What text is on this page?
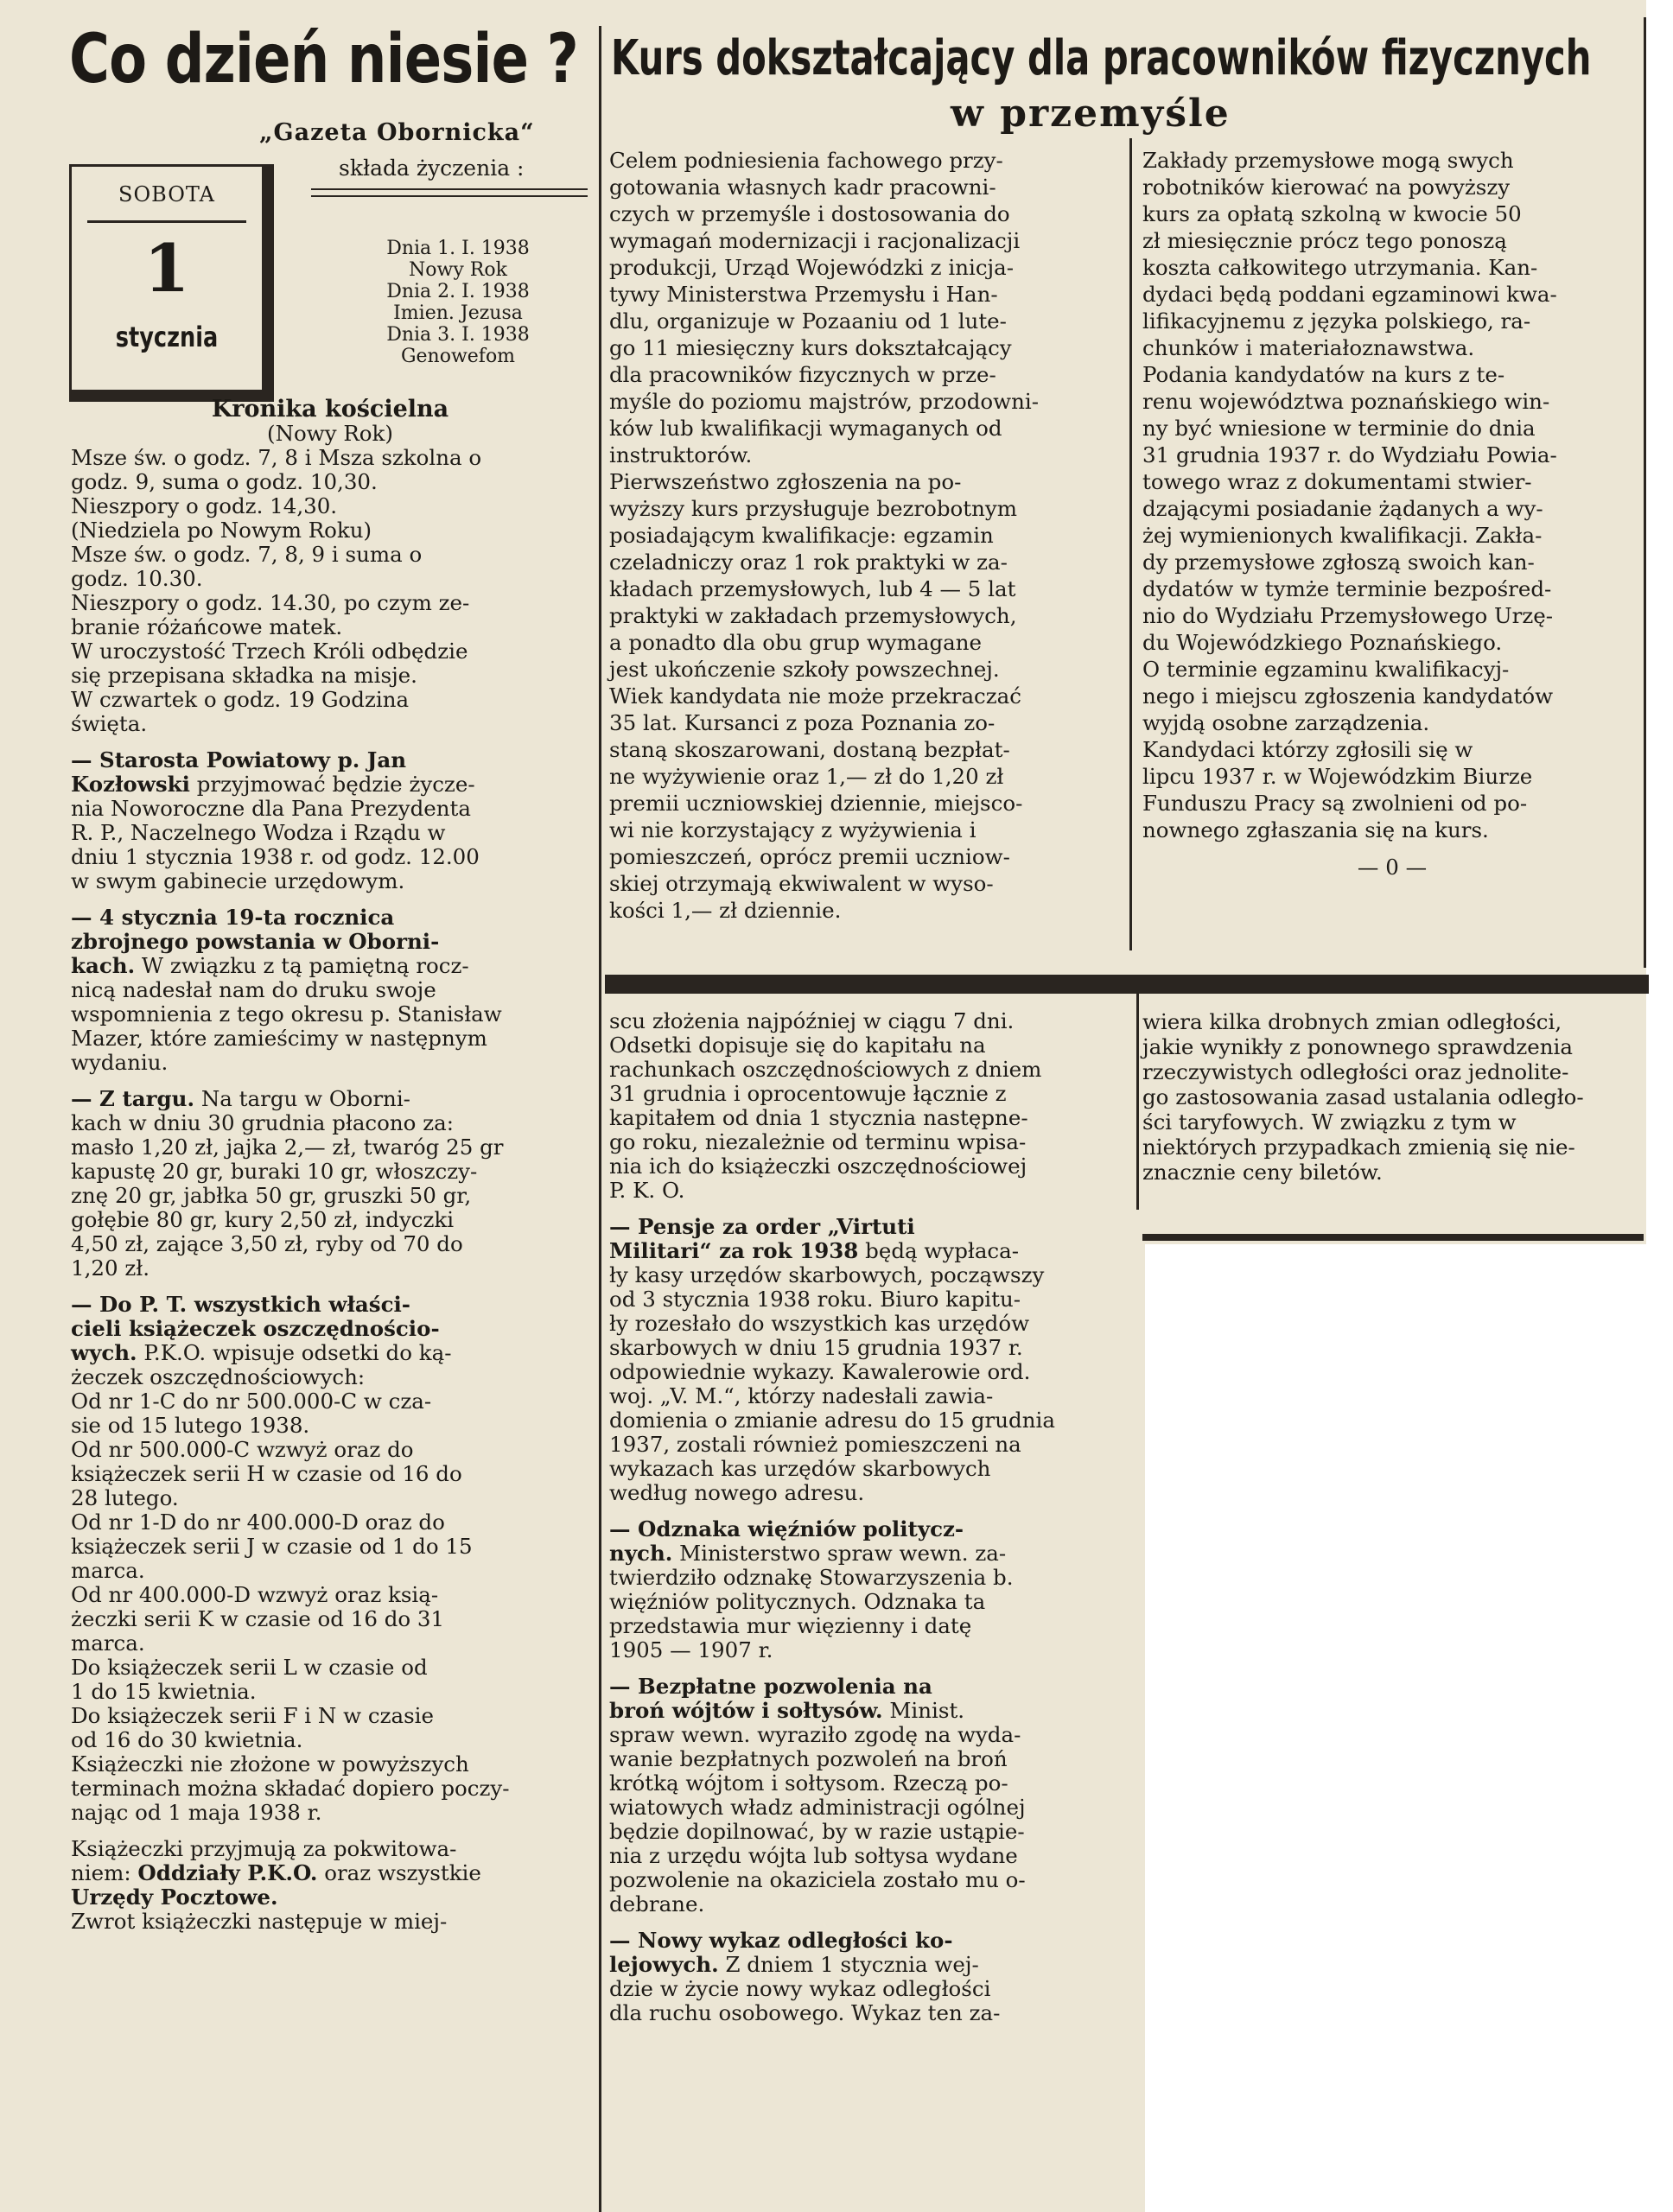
Co dzień niesie ?
„Gazeta Obornicka“
składa życzenia :
SOBOTA
1
stycznia

Dnia 1. I. 1938

Nowy Rok

Dnia 2. I. 1938

Imien. Jezusa

Dnia 3. I. 1938

Genowefom

Kurs dokształcający dla pracowników fizycznych
w przemyśle

Kronika kościelna

(Nowy Rok)

Msze św. o godz. 7, 8 i Msza szkolna o

godz. 9, suma o godz. 10,30.

Nieszpory o godz. 14,30.

(Niedziela po Nowym Roku)

Msze św. o godz. 7, 8, 9 i suma o

godz. 10.30.

Nieszpory o godz. 14.30, po czym ze-

branie różańcowe matek.

W uroczystość Trzech Króli odbędzie

się przepisana składka na misje.

W czwartek o godz. 19 Godzina

święta.

— Starosta Powiatowy p. Jan

Kozłowski przyjmować będzie życze-

nia Noworoczne dla Pana Prezydenta

R. P., Naczelnego Wodza i Rządu w

dniu 1 stycznia 1938 r. od godz. 12.00

w swym gabinecie urzędowym.

— 4 stycznia 19-ta rocznica

zbrojnego powstania w Oborni-

kach. W związku z tą pamiętną rocz-

nicą nadesłał nam do druku swoje

wspomnienia z tego okresu p. Stanisław

Mazer, które zamieścimy w następnym

wydaniu.

— Z targu. Na targu w Oborni-

kach w dniu 30 grudnia płacono za:

masło 1,20 zł, jajka 2,— zł, twaróg 25 gr

kapustę 20 gr, buraki 10 gr, włoszczy-

znę 20 gr, jabłka 50 gr, gruszki 50 gr,

gołębie 80 gr, kury 2,50 zł, indyczki

4,50 zł, zające 3,50 zł, ryby od 70 do

1,20 zł.

— Do P. T. wszystkich właści-

cieli książeczek oszczędnościo-

wych. P.K.O. wpisuje odsetki do ką-

żeczek oszczędnościowych:

Od nr 1-C do nr 500.000-C w cza-

sie od 15 lutego 1938.

Od nr 500.000-C wzwyż oraz do

książeczek serii H w czasie od 16 do

28 lutego.

Od nr 1-D do nr 400.000-D oraz do

książeczek serii J w czasie od 1 do 15

marca.

Od nr 400.000-D wzwyż oraz ksią-

żeczki serii K w czasie od 16 do 31

marca.

Do książeczek serii L w czasie od

1 do 15 kwietnia.

Do książeczek serii F i N w czasie

od 16 do 30 kwietnia.

Książeczki nie złożone w powyższych

terminach można składać dopiero poczy-

nając od 1 maja 1938 r.

Książeczki przyjmują za pokwitowa-

niem: Oddziały P.K.O. oraz wszystkie

Urzędy Pocztowe.

Zwrot książeczki następuje w miej-

Celem podniesienia fachowego przy-

gotowania własnych kadr pracowni-

czych w przemyśle i dostosowania do

wymagań modernizacji i racjonalizacji

produkcji, Urząd Wojewódzki z inicja-

tywy Ministerstwa Przemysłu i Han-

dlu, organizuje w Pozaaniu od 1 lute-

go 11 miesięczny kurs dokształcający

dla pracowników fizycznych w prze-

myśle do poziomu majstrów, przodowni-

ków lub kwalifikacji wymaganych od

instruktorów.

Pierwszeństwo zgłoszenia na po-

wyższy kurs przysługuje bezrobotnym

posiadającym kwalifikacje: egzamin

czeladniczy oraz 1 rok praktyki w za-

kładach przemysłowych, lub 4 — 5 lat

praktyki w zakładach przemysłowych,

a ponadto dla obu grup wymagane

jest ukończenie szkoły powszechnej.

Wiek kandydata nie może przekraczać

35 lat. Kursanci z poza Poznania zo-

staną skoszarowani, dostaną bezpłat-

ne wyżywienie oraz 1,— zł do 1,20 zł

premii uczniowskiej dziennie, miejsco-

wi nie korzystający z wyżywienia i

pomieszczeń, oprócz premii uczniow-

skiej otrzymają ekwiwalent w wyso-

kości 1,— zł dziennie.

Zakłady przemysłowe mogą swych

robotników kierować na powyższy

kurs za opłatą szkolną w kwocie 50

zł miesięcznie prócz tego ponoszą

koszta całkowitego utrzymania. Kan-

dydaci będą poddani egzaminowi kwa-

lifikacyjnemu z języka polskiego, ra-

chunków i materiałoznawstwa.

Podania kandydatów na kurs z te-

renu województwa poznańskiego win-

ny być wniesione w terminie do dnia

31 grudnia 1937 r. do Wydziału Powia-

towego wraz z dokumentami stwier-

dzającymi posiadanie żądanych a wy-

żej wymienionych kwalifikacji. Zakła-

dy przemysłowe zgłoszą swoich kan-

dydatów w tymże terminie bezpośred-

nio do Wydziału Przemysłowego Urzę-

du Wojewódzkiego Poznańskiego.

O terminie egzaminu kwalifikacyj-

nego i miejscu zgłoszenia kandydatów

wyjdą osobne zarządzenia.

Kandydaci którzy zgłosili się w

lipcu 1937 r. w Wojewódzkim Biurze

Funduszu Pracy są zwolnieni od po-

nownego zgłaszania się na kurs.

— 0 —

scu złożenia najpóźniej w ciągu 7 dni.

Odsetki dopisuje się do kapitału na

rachunkach oszczędnościowych z dniem

31 grudnia i oprocentowuje łącznie z

kapitałem od dnia 1 stycznia następne-

go roku, niezależnie od terminu wpisa-

nia ich do książeczki oszczędnościowej

P. K. O.

— Pensje za order „Virtuti

Militari“ za rok 1938 będą wypłaca-

ły kasy urzędów skarbowych, począwszy

od 3 stycznia 1938 roku. Biuro kapitu-

ły rozesłało do wszystkich kas urzędów

skarbowych w dniu 15 grudnia 1937 r.

odpowiednie wykazy. Kawalerowie ord.

woj. „V. M.“, którzy nadesłali zawia-

domienia o zmianie adresu do 15 grudnia

1937, zostali również pomieszczeni na

wykazach kas urzędów skarbowych

według nowego adresu.

— Odznaka więźniów politycz-

nych. Ministerstwo spraw wewn. za-

twierdziło odznakę Stowarzyszenia b.

więźniów politycznych. Odznaka ta

przedstawia mur więzienny i datę

1905 — 1907 r.

— Bezpłatne pozwolenia na

broń wójtów i sołtysów. Minist.

spraw wewn. wyraziło zgodę na wyda-

wanie bezpłatnych pozwoleń na broń

krótką wójtom i sołtysom. Rzeczą po-

wiatowych władz administracji ogólnej

będzie dopilnować, by w razie ustąpie-

nia z urzędu wójta lub sołtysa wydane

pozwolenie na okaziciela zostało mu o-

debrane.

— Nowy wykaz odległości ko-

lejowych. Z dniem 1 stycznia wej-

dzie w życie nowy wykaz odległości

dla ruchu osobowego. Wykaz ten za-

wiera kilka drobnych zmian odległości,

jakie wynikły z ponownego sprawdzenia

rzeczywistych odległości oraz jednolite-

go zastosowania zasad ustalania odległo-

ści taryfowych. W związku z tym w

niektórych przypadkach zmienią się nie-

znacznie ceny biletów.
